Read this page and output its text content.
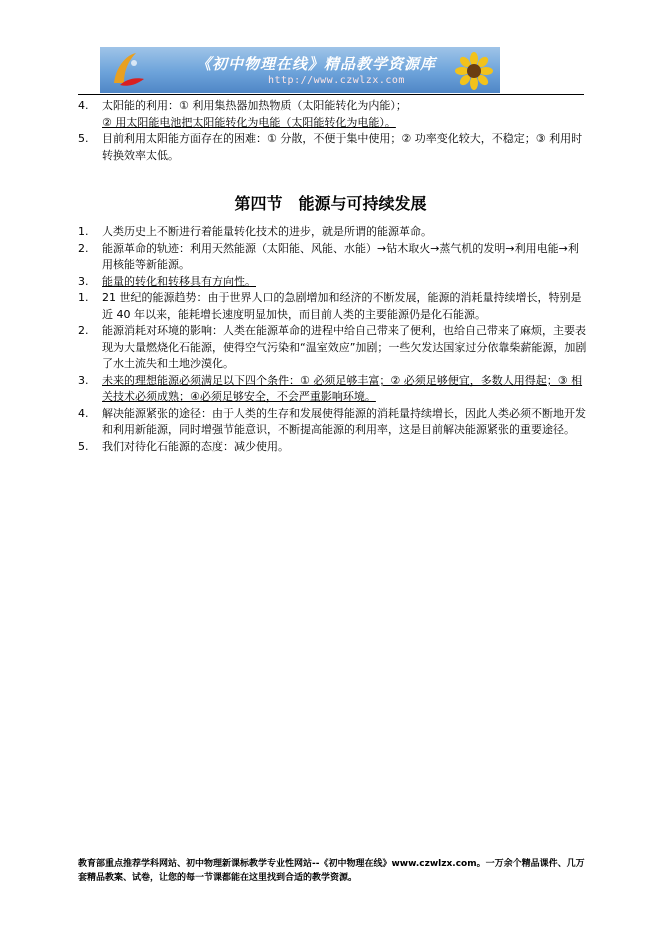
《初中物理在线》精品教学资源库
http://www.czwlzx.com
4. 太阳能的利用：① 利用集热器加热物质（太阳能转化为内能）；
② 用太阳能电池把太阳能转化为电能（太阳能转化为电能）。
5. 目前利用太阳能方面存在的困难：① 分散，不便于集中使用；② 功率变化较大，不稳定；③ 利用时转换效率太低。
第四节　能源与可持续发展
1. 人类历史上不断进行着能量转化技术的进步，就是所谓的能源革命。
2. 能源革命的轨迹：利用天然能源（太阳能、风能、水能）→钻木取火→蒸气机的发明→利用电能→利用核能等新能源。
3. 能量的转化和转移具有方向性。
1. 21 世纪的能源趋势：由于世界人口的急剧增加和经济的不断发展，能源的消耗量持续增长，特别是近 40 年以来，能耗增长速度明显加快，而目前人类的主要能源仍是化石能源。
2. 能源消耗对环境的影响：人类在能源革命的进程中给自己带来了便利，也给自己带来了麻烦，主要表现为大量燃烧化石能源，使得空气污染和“温室效应”加剧；一些欠发达国家过分依靠柴薪能源，加剧了水土流失和土地沙漠化。
3. 未来的理想能源必须满足以下四个条件：① 必须足够丰富；② 必须足够便宜，多数人用得起；③ 相关技术必须成熟；④必须足够安全，不会严重影响环境。
4. 解决能源紧张的途径：由于人类的生存和发展使得能源的消耗量持续增长，因此人类必须不断地开发和利用新能源，同时增强节能意识，不断提高能源的利用率，这是目前解决能源紧张的重要途径。
5. 我们对待化石能源的态度：减少使用。
教育部重点推荐学科网站、初中物理新课标教学专业性网站--《初中物理在线》www.czwlzx.com。一万余个精品课件、几万套精品教案、试卷，让您的每一节课都能在这里找到合适的教学资源。
